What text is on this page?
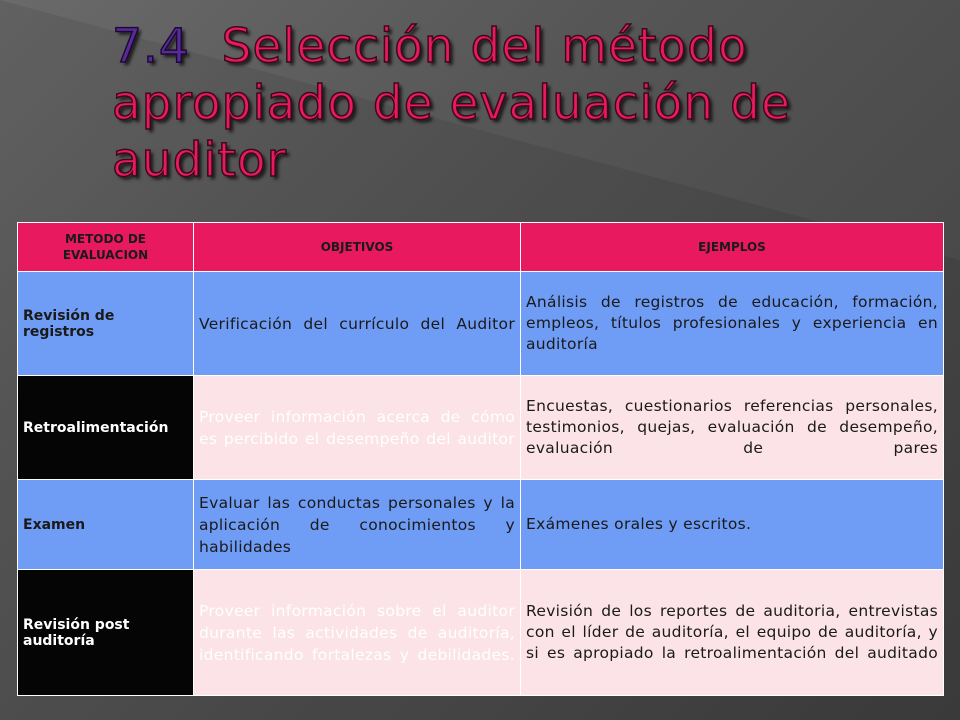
7.4 Selección del método apropiado de evaluación de auditor
METODO DE EVALUACION	OBJETIVOS	EJEMPLOS
Revisión de registros	Verificación del currículo del Auditor	Análisis de registros de educación, formación, empleos, títulos profesionales y experiencia en auditoría
Retroalimentación	Proveer información acerca de cómo es percibido el desempeño del auditor	Encuestas, cuestionarios referencias personales, testimonios, quejas, evaluación de desempeño, evaluación de pares
Examen	Evaluar las conductas personales y la aplicación de conocimientos y habilidades	Exámenes orales y escritos.
Revisión post auditoría	Proveer información sobre el auditor durante las actividades de auditoría, identificando fortalezas y debilidades.	Revisión de los reportes de auditoria, entrevistas con el líder de auditoría, el equipo de auditoría, y si es apropiado la retroalimentación del auditado
